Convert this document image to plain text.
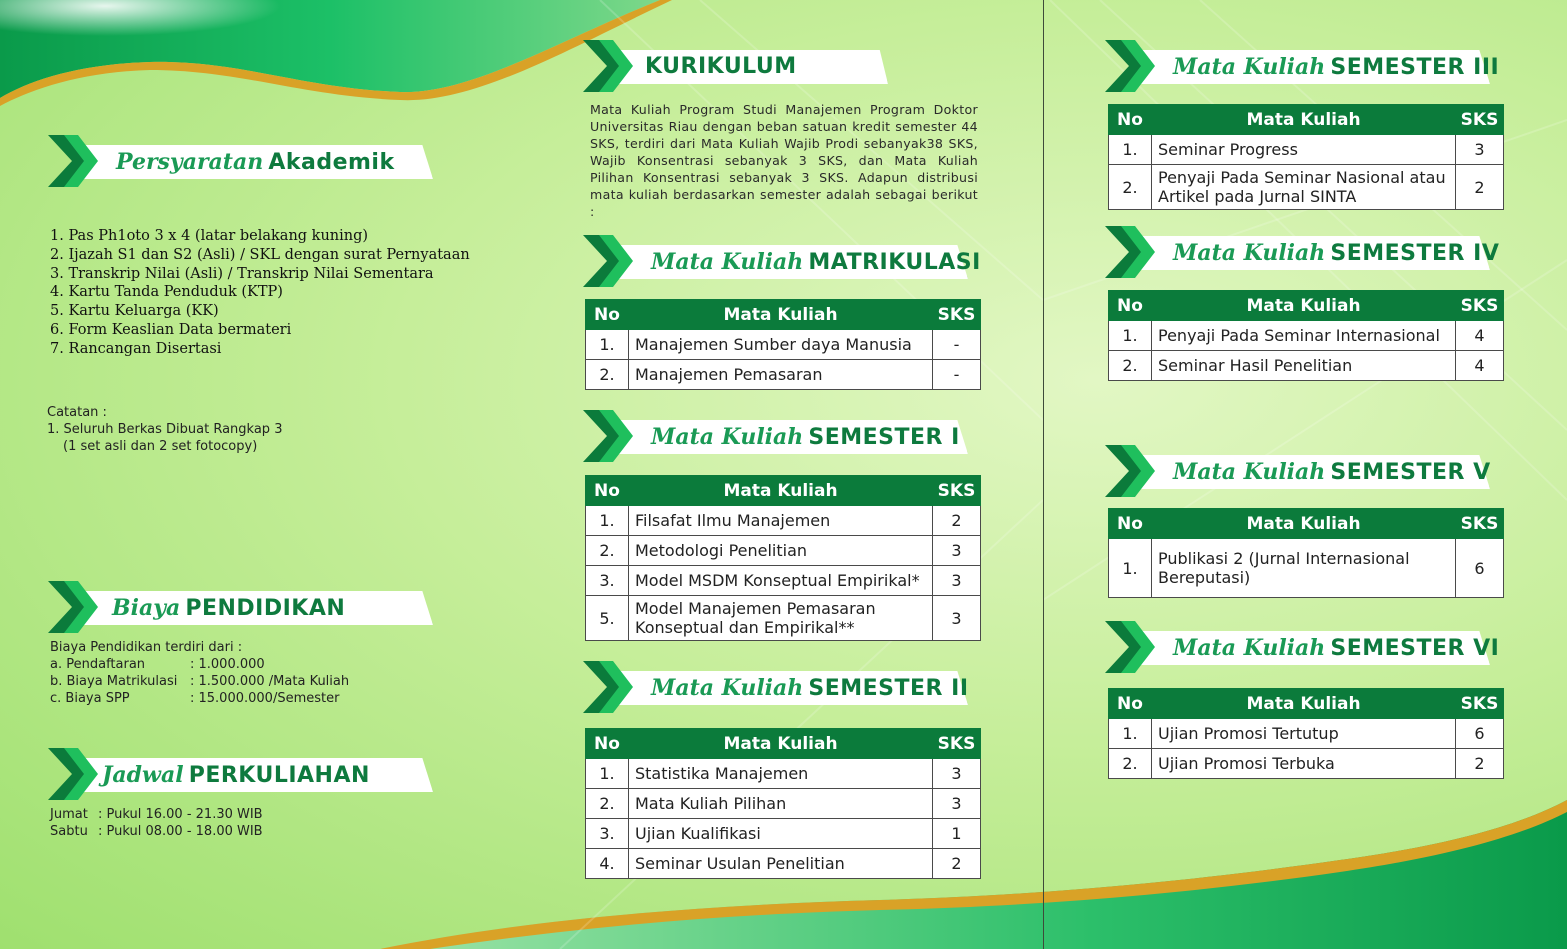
Persyaratan Akademik
1. Pas Ph1oto 3 x 4 (latar belakang kuning)
2. Ijazah S1 dan S2 (Asli) / SKL dengan surat Pernyataan
3. Transkrip Nilai (Asli) / Transkrip Nilai Sementara
4. Kartu Tanda Penduduk (KTP)
5. Kartu Keluarga (KK)
6. Form Keaslian Data bermateri
7. Rancangan Disertasi
Catatan :
1. Seluruh Berkas Dibuat Rangkap 3
(1 set asli dan 2 set fotocopy)
Biaya PENDIDIKAN
Biaya Pendidikan terdiri dari :
a. Pendaftaran	: 1.000.000
b. Biaya Matrikulasi	: 1.500.000 /Mata Kuliah
c. Biaya SPP	: 15.000.000/Semester
Jadwal PERKULIAHAN
Jumat	: Pukul 16.00 - 21.30 WIB
Sabtu	: Pukul 08.00 - 18.00 WIB
KURIKULUM
Mata Kuliah Program Studi Manajemen Program Doktor Universitas Riau dengan beban satuan kredit semester 44 SKS, terdiri dari Mata Kuliah Wajib Prodi sebanyak38 SKS, Wajib Konsentrasi sebanyak 3 SKS, dan Mata Kuliah Pilihan Konsentrasi sebanyak 3 SKS. Adapun distribusi mata kuliah berdasarkan semester adalah sebagai berikut :
Mata Kuliah MATRIKULASI
No	Mata Kuliah	SKS
1.	Manajemen Sumber daya Manusia	-
2.	Manajemen Pemasaran	-
Mata Kuliah SEMESTER I
No	Mata Kuliah	SKS
1.	Filsafat Ilmu Manajemen	2
2.	Metodologi Penelitian	3
3.	Model MSDM Konseptual Empirikal*	3
5.	Model Manajemen Pemasaran Konseptual dan Empirikal**	3
Mata Kuliah SEMESTER II
No	Mata Kuliah	SKS
1.	Statistika Manajemen	3
2.	Mata Kuliah Pilihan	3
3.	Ujian Kualifikasi	1
4.	Seminar Usulan Penelitian	2
Mata Kuliah SEMESTER III
No	Mata Kuliah	SKS
1.	Seminar Progress	3
2.	Penyaji Pada Seminar Nasional atau Artikel pada Jurnal SINTA	2
Mata Kuliah SEMESTER IV
No	Mata Kuliah	SKS
1.	Penyaji Pada Seminar Internasional	4
2.	Seminar Hasil Penelitian	4
Mata Kuliah SEMESTER V
No	Mata Kuliah	SKS
1.	Publikasi 2 (Jurnal Internasional Bereputasi)	6
Mata Kuliah SEMESTER VI
No	Mata Kuliah	SKS
1.	Ujian Promosi Tertutup	6
2.	Ujian Promosi Terbuka	2
